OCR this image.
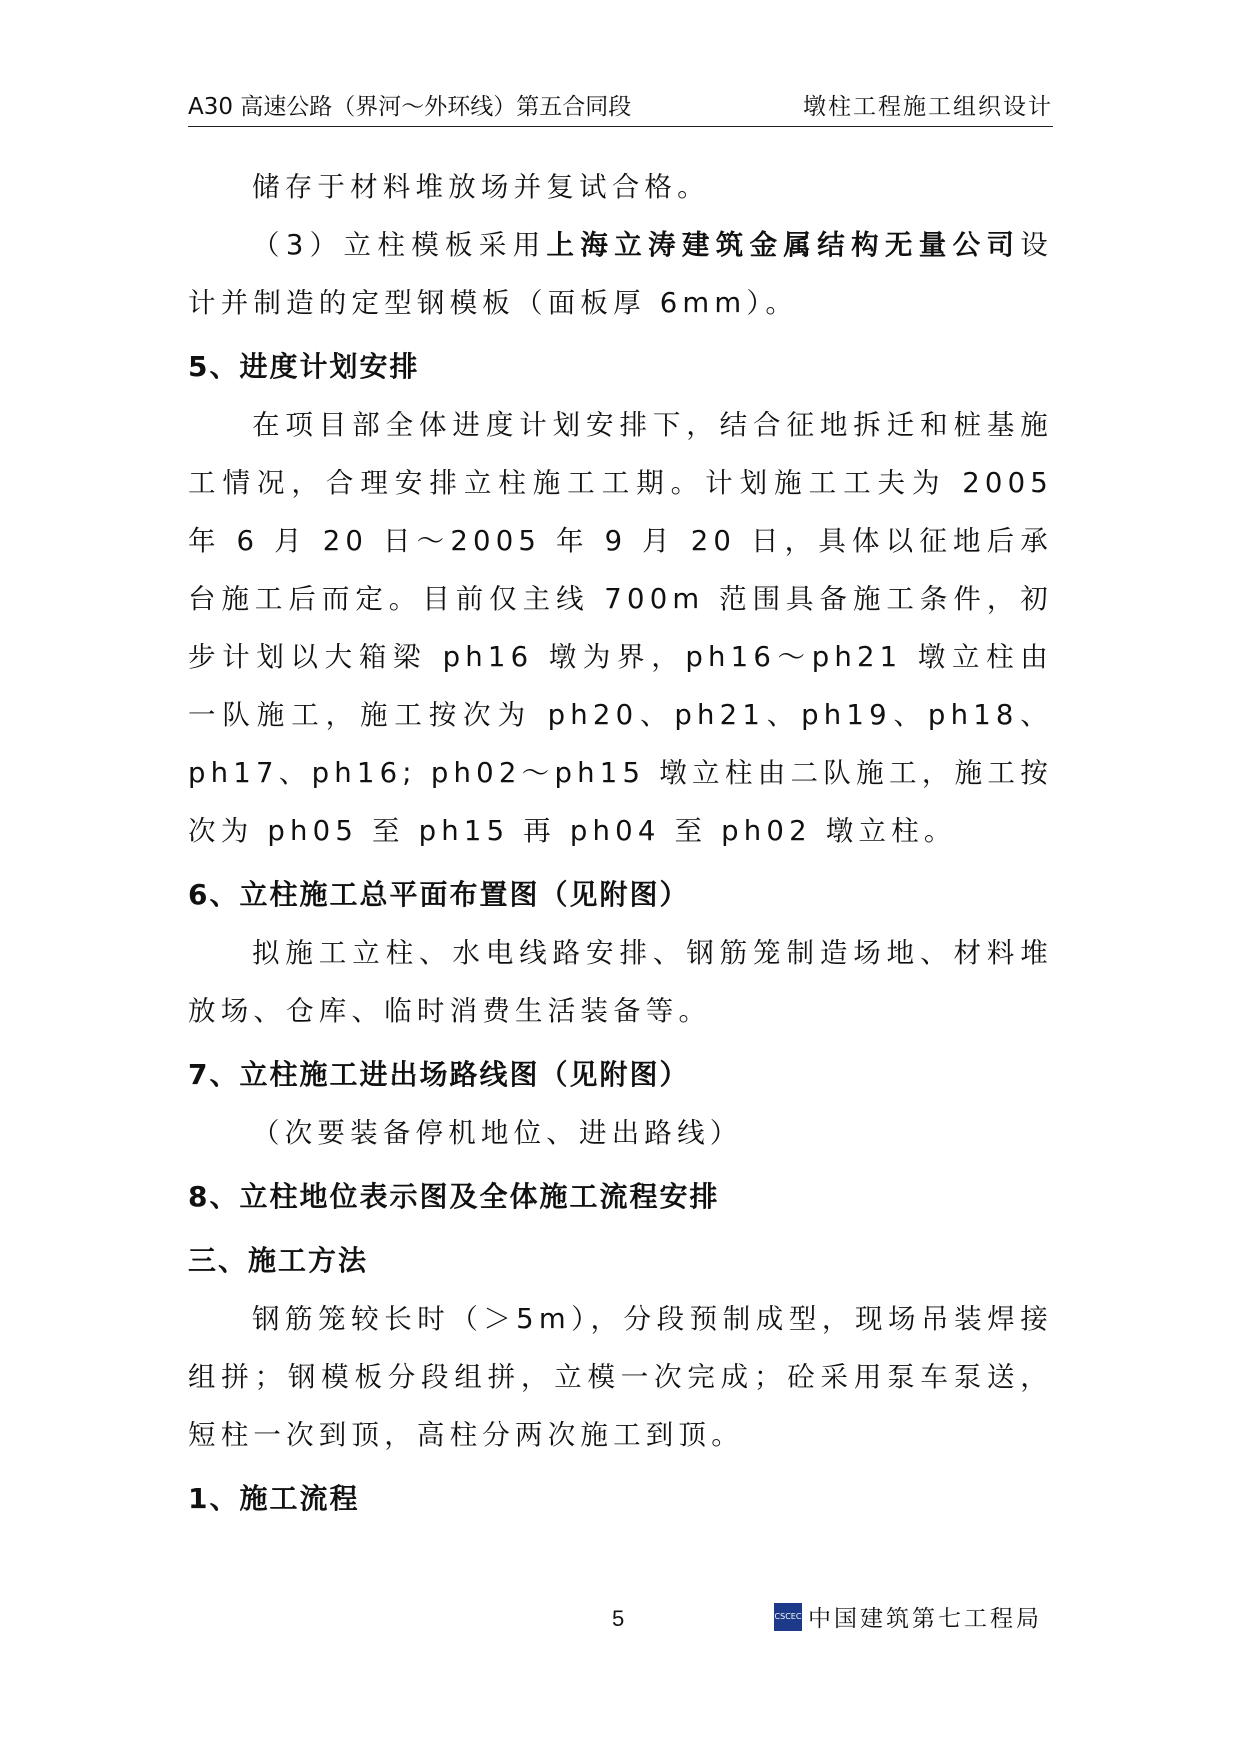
A30 高速公路（界河～外环线）第五合同段	墩柱工程施工组织设计

储存于材料堆放场并复试合格。

（3）立柱模板采用上海立涛建筑金属结构无量公司设计并制造的定型钢模板（面板厚 6mm）。

5、进度计划安排

在项目部全体进度计划安排下，结合征地拆迁和桩基施工情况，合理安排立柱施工工期。计划施工工夫为 2005 年 6 月 20 日～2005 年 9 月 20 日，具体以征地后承台施工后而定。目前仅主线 700m 范围具备施工条件，初步计划以大箱梁 ph16 墩为界，ph16～ph21 墩立柱由一队施工，施工按次为 ph20、ph21、ph19、ph18、ph17、ph16; ph02～ph15 墩立柱由二队施工，施工按次为 ph05 至 ph15 再 ph04 至 ph02 墩立柱。

6、立柱施工总平面布置图（见附图）

拟施工立柱、水电线路安排、钢筋笼制造场地、材料堆放场、仓库、临时消费生活装备等。

7、立柱施工进出场路线图（见附图）

（次要装备停机地位、进出路线）

8、立柱地位表示图及全体施工流程安排

三、施工方法

钢筋笼较长时（＞5m），分段预制成型，现场吊装焊接组拼；钢模板分段组拼，立模一次完成；砼采用泵车泵送，短柱一次到顶，高柱分两次施工到顶。

1、施工流程

5	CSCEC 中国建筑第七工程局
